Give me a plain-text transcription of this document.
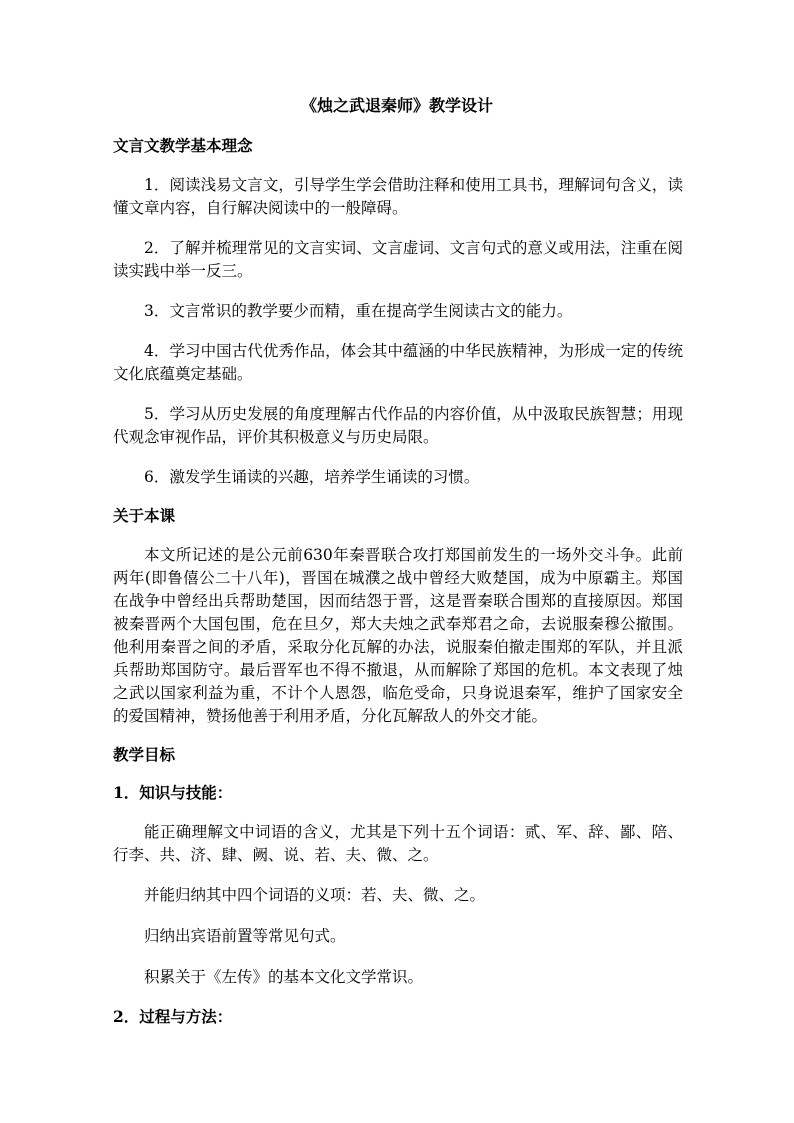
《烛之武退秦师》教学设计

文言文教学基本理念

1．阅读浅易文言文，引导学生学会借助注释和使用工具书，理解词句含义，读懂文章内容，自行解决阅读中的一般障碍。

2．了解并梳理常见的文言实词、文言虚词、文言句式的意义或用法，注重在阅读实践中举一反三。

3．文言常识的教学要少而精，重在提高学生阅读古文的能力。

4．学习中国古代优秀作品，体会其中蕴涵的中华民族精神，为形成一定的传统文化底蕴奠定基础。

5．学习从历史发展的角度理解古代作品的内容价值，从中汲取民族智慧；用现代观念审视作品，评价其积极意义与历史局限。

6．激发学生诵读的兴趣，培养学生诵读的习惯。

关于本课

本文所记述的是公元前630年秦晋联合攻打郑国前发生的一场外交斗争。此前两年(即鲁僖公二十八年)，晋国在城濮之战中曾经大败楚国，成为中原霸主。郑国在战争中曾经出兵帮助楚国，因而结怨于晋，这是晋秦联合围郑的直接原因。郑国被秦晋两个大国包围，危在旦夕，郑大夫烛之武奉郑君之命，去说服秦穆公撤围。他利用秦晋之间的矛盾，采取分化瓦解的办法，说服秦伯撤走围郑的军队，并且派兵帮助郑国防守。最后晋军也不得不撤退，从而解除了郑国的危机。本文表现了烛之武以国家利益为重，不计个人恩怨，临危受命，只身说退秦军，维护了国家安全的爱国精神，赞扬他善于利用矛盾，分化瓦解敌人的外交才能。

教学目标

1．知识与技能：

能正确理解文中词语的含义，尤其是下列十五个词语：贰、军、辞、鄙、陪、行李、共、济、肆、阙、说、若、夫、微、之。

并能归纳其中四个词语的义项：若、夫、微、之。

归纳出宾语前置等常见句式。

积累关于《左传》的基本文化文学常识。

2．过程与方法：
